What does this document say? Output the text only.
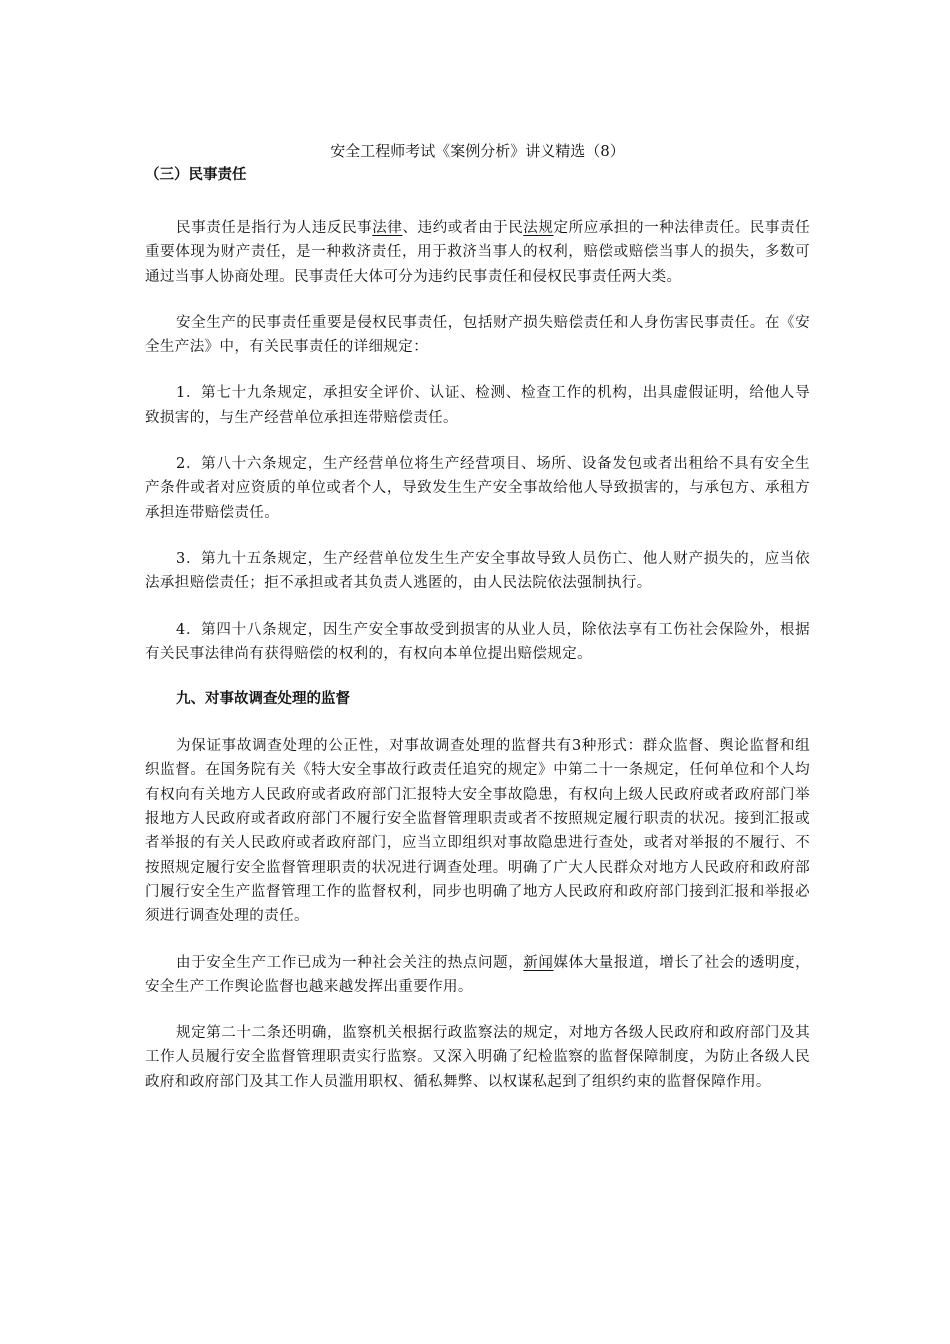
安全工程师考试《案例分析》讲义精选（8）

（三）民事责任

民事责任是指行为人违反民事法律、违约或者由于民法规定所应承担的一种法律责任。民事责任重要体现为财产责任，是一种救济责任，用于救济当事人的权利，赔偿或赔偿当事人的损失，多数可通过当事人协商处理。民事责任大体可分为违约民事责任和侵权民事责任两大类。

安全生产的民事责任重要是侵权民事责任，包括财产损失赔偿责任和人身伤害民事责任。在《安全生产法》中，有关民事责任的详细规定：

1．第七十九条规定，承担安全评价、认证、检测、检查工作的机构，出具虚假证明，给他人导致损害的，与生产经营单位承担连带赔偿责任。

2．第八十六条规定，生产经营单位将生产经营项目、场所、设备发包或者出租给不具有安全生产条件或者对应资质的单位或者个人，导致发生生产安全事故给他人导致损害的，与承包方、承租方承担连带赔偿责任。

3．第九十五条规定，生产经营单位发生生产安全事故导致人员伤亡、他人财产损失的，应当依法承担赔偿责任；拒不承担或者其负责人逃匿的，由人民法院依法强制执行。

4．第四十八条规定，因生产安全事故受到损害的从业人员，除依法享有工伤社会保险外，根据有关民事法律尚有获得赔偿的权利的，有权向本单位提出赔偿规定。

九、对事故调查处理的监督

为保证事故调查处理的公正性，对事故调查处理的监督共有3种形式：群众监督、舆论监督和组织监督。在国务院有关《特大安全事故行政责任追究的规定》中第二十一条规定，任何单位和个人均有权向有关地方人民政府或者政府部门汇报特大安全事故隐患，有权向上级人民政府或者政府部门举报地方人民政府或者政府部门不履行安全监督管理职责或者不按照规定履行职责的状况。接到汇报或者举报的有关人民政府或者政府部门，应当立即组织对事故隐患进行查处，或者对举报的不履行、不按照规定履行安全监督管理职责的状况进行调查处理。明确了广大人民群众对地方人民政府和政府部门履行安全生产监督管理工作的监督权利，同步也明确了地方人民政府和政府部门接到汇报和举报必须进行调查处理的责任。

由于安全生产工作已成为一种社会关注的热点问题，新闻媒体大量报道，增长了社会的透明度，安全生产工作舆论监督也越来越发挥出重要作用。

规定第二十二条还明确，监察机关根据行政监察法的规定，对地方各级人民政府和政府部门及其工作人员履行安全监督管理职责实行监察。又深入明确了纪检监察的监督保障制度，为防止各级人民政府和政府部门及其工作人员滥用职权、循私舞弊、以权谋私起到了组织约束的监督保障作用。
